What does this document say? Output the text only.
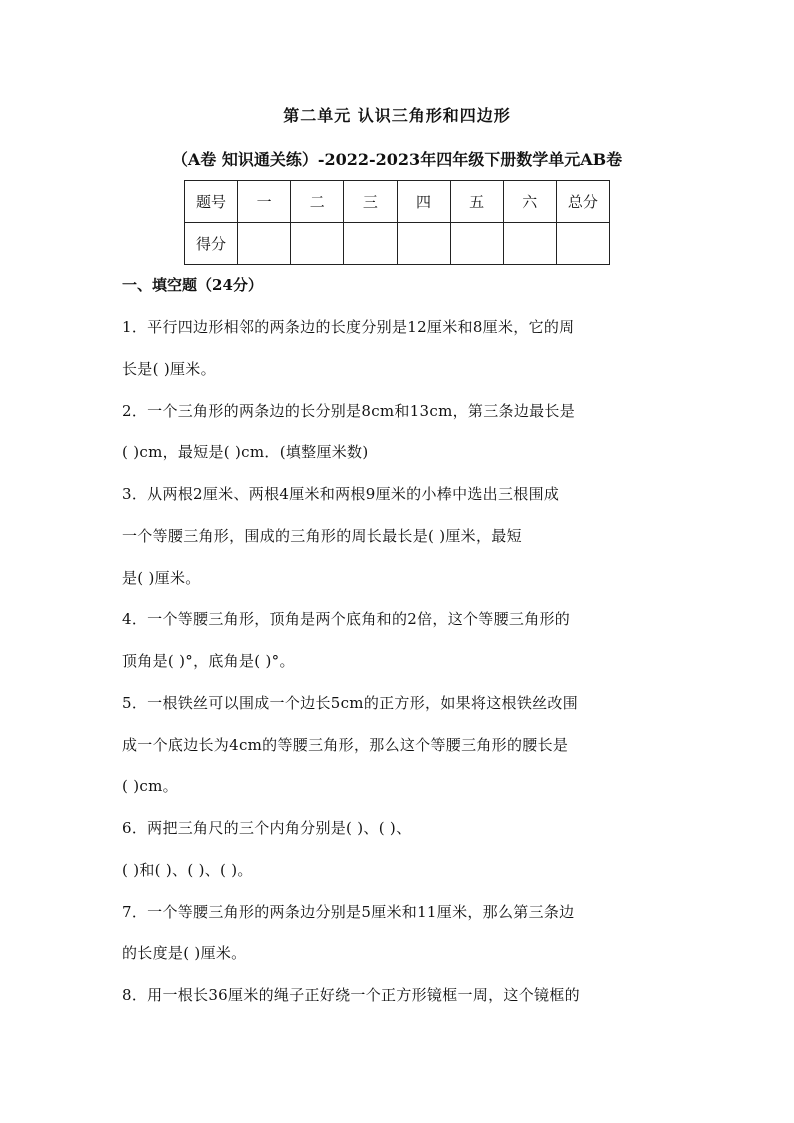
第二单元 认识三角形和四边形
（A卷 知识通关练）-2022-2023年四年级下册数学单元AB卷
题号	一	二	三	四	五	六	总分
得分							
一、填空题（24分）
1．平行四边形相邻的两条边的长度分别是12厘米和8厘米，它的周
长是( )厘米。
2．一个三角形的两条边的长分别是8cm和13cm，第三条边最长是
( )cm，最短是( )cm．(填整厘米数)
3．从两根2厘米、两根4厘米和两根9厘米的小棒中选出三根围成
一个等腰三角形，围成的三角形的周长最长是( )厘米，最短
是( )厘米。
4．一个等腰三角形，顶角是两个底角和的2倍，这个等腰三角形的
顶角是( )°，底角是( )°。
5．一根铁丝可以围成一个边长5cm的正方形，如果将这根铁丝改围
成一个底边长为4cm的等腰三角形，那么这个等腰三角形的腰长是
( )cm。
6．两把三角尺的三个内角分别是( )、( )、
( )和( )、( )、( )。
7．一个等腰三角形的两条边分别是5厘米和11厘米，那么第三条边
的长度是( )厘米。
8．用一根长36厘米的绳子正好绕一个正方形镜框一周，这个镜框的
